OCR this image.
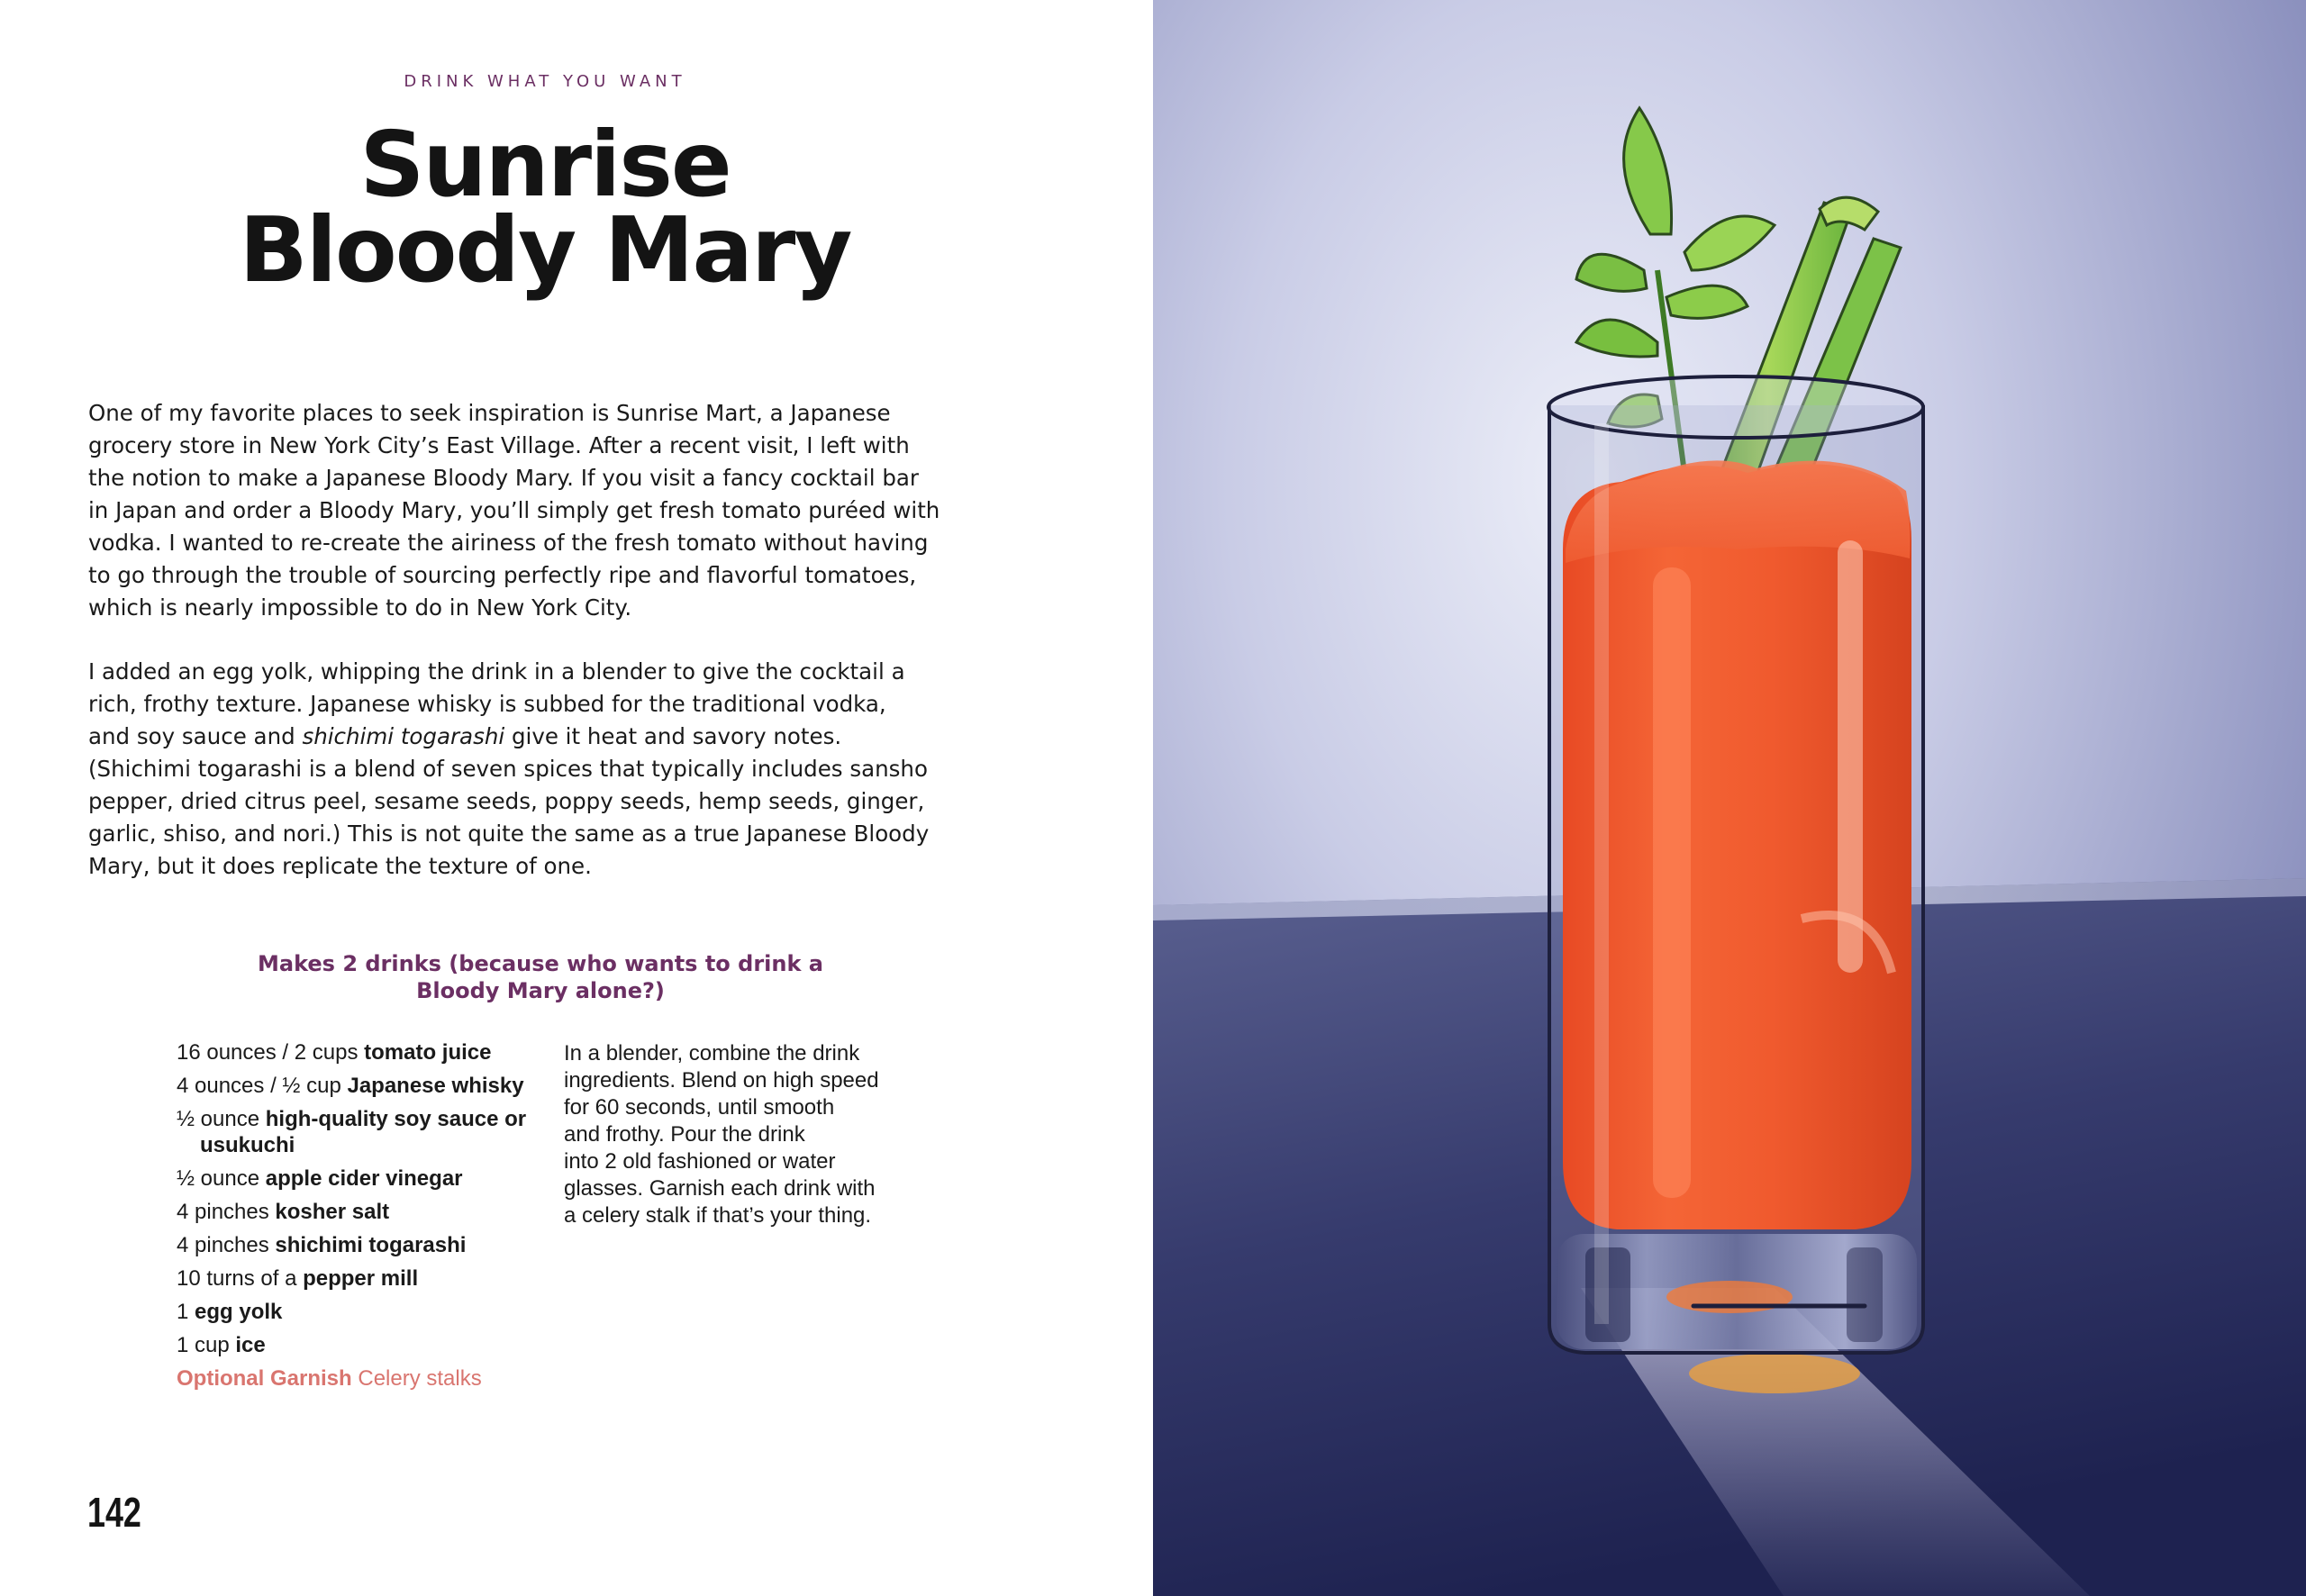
DRINK WHAT YOU WANT
Sunrise
Bloody Mary

One of my favorite places to seek inspiration is Sunrise Mart, a Japanese
grocery store in New York City’s East Village. After a recent visit, I left with
the notion to make a Japanese Bloody Mary. If you visit a fancy cocktail bar
in Japan and order a Bloody Mary, you’ll simply get fresh tomato puréed with
vodka. I wanted to re-create the airiness of the fresh tomato without having
to go through the trouble of sourcing perfectly ripe and flavorful tomatoes,
which is nearly impossible to do in New York City.

I added an egg yolk, whipping the drink in a blender to give the cocktail a
rich, frothy texture. Japanese whisky is subbed for the traditional vodka,
and soy sauce and shichimi togarashi give it heat and savory notes.
(Shichimi togarashi is a blend of seven spices that typically includes sansho
pepper, dried citrus peel, sesame seeds, poppy seeds, hemp seeds, ginger,
garlic, shiso, and nori.) This is not quite the same as a true Japanese Bloody
Mary, but it does replicate the texture of one.

Makes 2 drinks (because who wants to drink a
Bloody Mary alone?)
16 ounces / 2 cups tomato juice
4 ounces / ½ cup Japanese whisky
½ ounce high-quality soy sauce or usukuchi
½ ounce apple cider vinegar
4 pinches kosher salt
4 pinches shichimi togarashi
10 turns of a pepper mill
1 egg yolk
1 cup ice
Optional Garnish Celery stalks
In a blender, combine the drink
ingredients. Blend on high speed
for 60 seconds, until smooth
and frothy. Pour the drink
into 2 old fashioned or water
glasses. Garnish each drink with
a celery stalk if that’s your thing.
142
